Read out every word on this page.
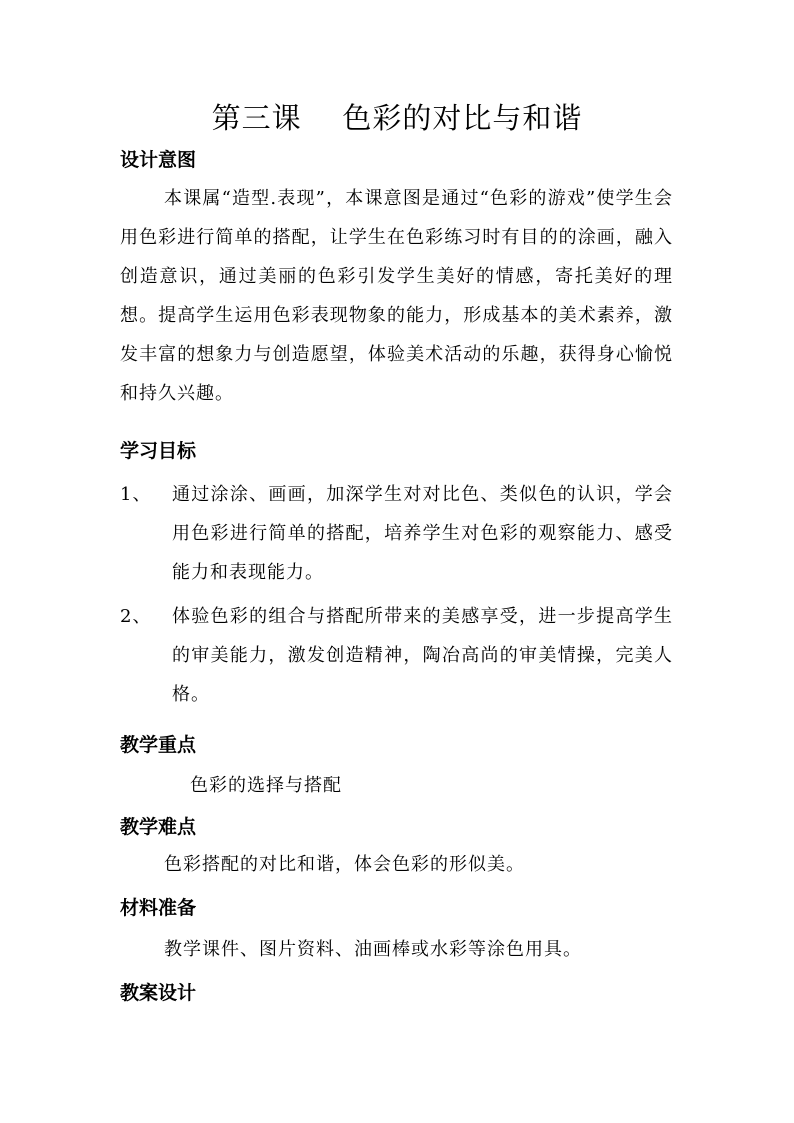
第三课    色彩的对比与和谐
设计意图

本课属“造型.表现”，本课意图是通过“色彩的游戏”使学生会用色彩进行简单的搭配，让学生在色彩练习时有目的的涂画，融入创造意识，通过美丽的色彩引发学生美好的情感，寄托美好的理想。提高学生运用色彩表现物象的能力，形成基本的美术素养，激发丰富的想象力与创造愿望，体验美术活动的乐趣，获得身心愉悦和持久兴趣。

学习目标
1、 通过涂涂、画画，加深学生对对比色、类似色的认识，学会用色彩进行简单的搭配，培养学生对色彩的观察能力、感受能力和表现能力。
2、 体验色彩的组合与搭配所带来的美感享受，进一步提高学生的审美能力，激发创造精神，陶冶高尚的审美情操，完美人格。
教学重点
色彩的选择与搭配
教学难点
色彩搭配的对比和谐，体会色彩的形似美。
材料准备
教学课件、图片资料、油画棒或水彩等涂色用具。
教案设计
